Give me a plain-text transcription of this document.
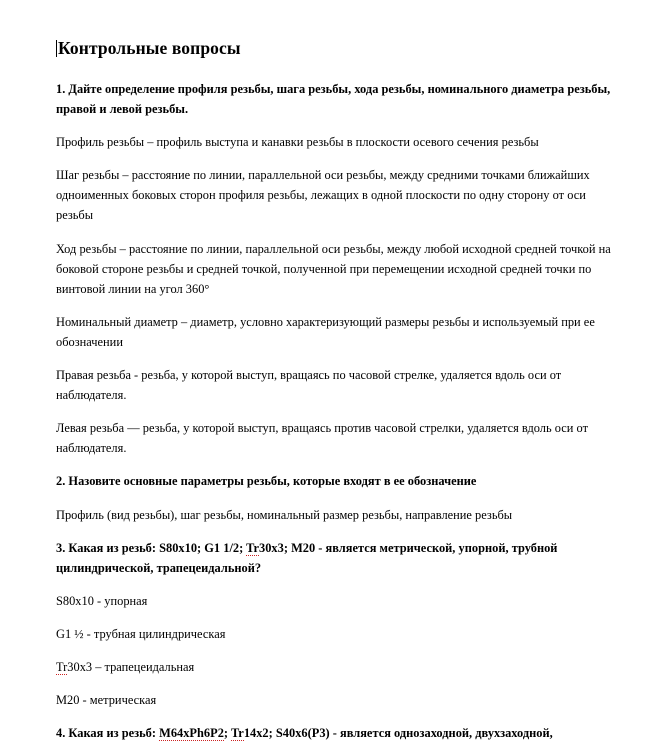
Контрольные вопросы

1. Дайте определение профиля резьбы, шага резьбы, хода резьбы, номинального диаметра резьбы, правой и левой резьбы.

Профиль резьбы – профиль выступа и канавки резьбы в плоскости осевого сечения резьбы

Шаг резьбы – расстояние по линии, параллельной оси резьбы, между средними точками ближайших одноименных боковых сторон профиля резьбы, лежащих в одной плоскости по одну сторону от оси резьбы

Ход резьбы – расстояние по линии, параллельной оси резьбы, между любой исходной средней точкой на боковой стороне резьбы и средней точкой, полученной при перемещении исходной средней точки по винтовой линии на угол 360°

Номинальный диаметр – диаметр, условно характеризующий размеры резьбы и используемый при ее обозначении

Правая резьба - резьба, у которой выступ, вращаясь по часовой стрелке, удаляется вдоль оси от наблюдателя.

Левая резьба — резьба, у которой выступ, вращаясь против часовой стрелки, удаляется вдоль оси от наблюдателя.

2. Назовите основные параметры резьбы, которые входят в ее обозначение

Профиль (вид резьбы), шаг резьбы, номинальный размер резьбы, направление резьбы

3. Какая из резьб: S80x10; G1 1/2; Tr30x3; M20 - является метрической, упорной, трубной цилиндрической, трапецеидальной?

S80x10 - упорная

G1 ½ - трубная цилиндрическая

Tr30x3 – трапецеидальная

M20 - метрическая

4. Какая из резьб: M64xPh6P2; Tr14x2; S40x6(P3) - является однозаходной, двухзаходной,
